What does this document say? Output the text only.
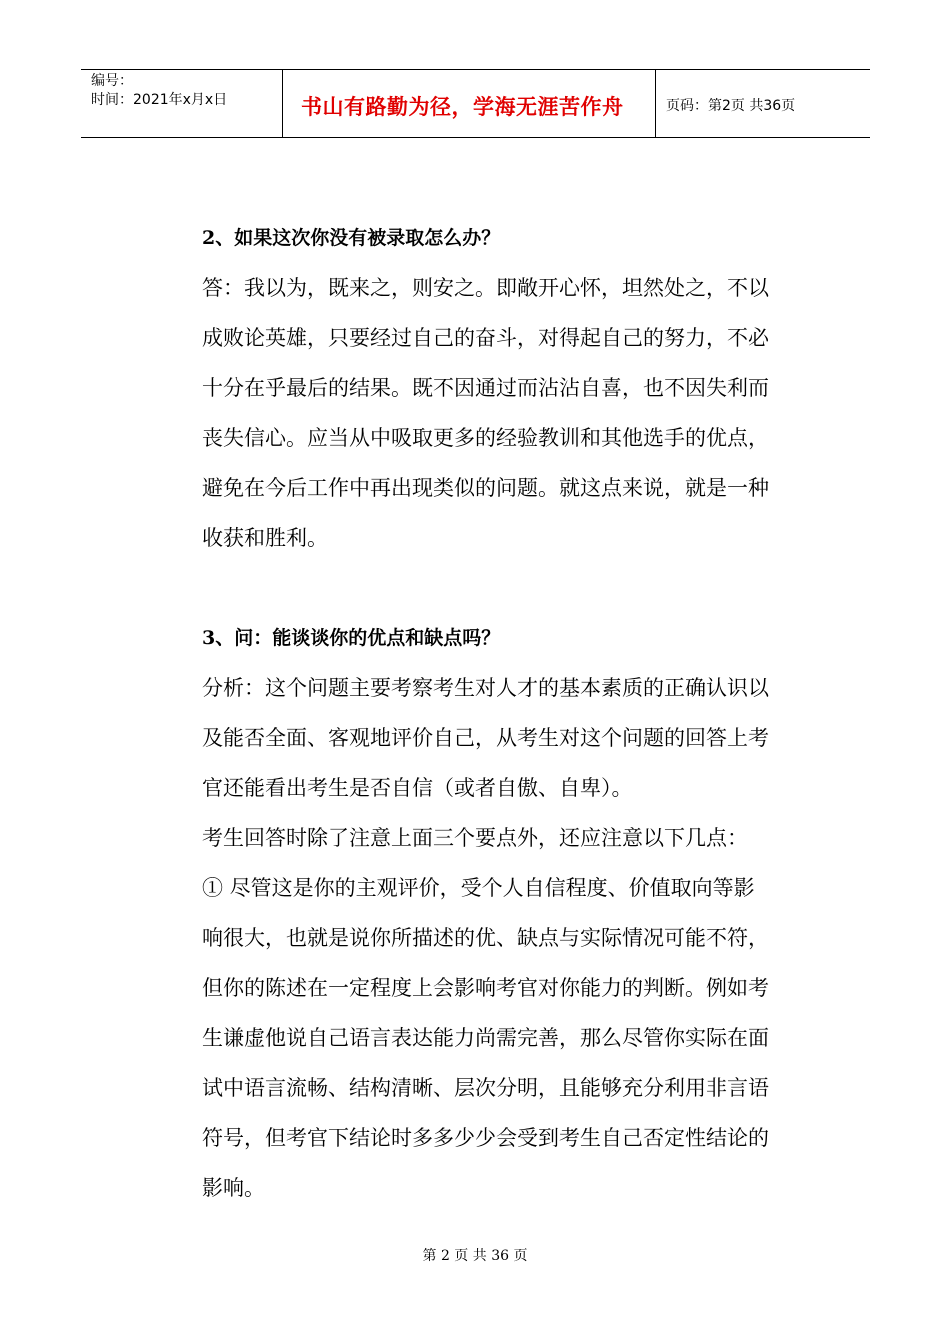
编号：
时间：2021年x月x日	书山有路勤为径，学海无涯苦作舟	页码：第2页 共36页
2、如果这次你没有被录取怎么办？
答：我以为，既来之，则安之。即敞开心怀，坦然处之，不以
成败论英雄，只要经过自己的奋斗，对得起自己的努力，不必
十分在乎最后的结果。既不因通过而沾沾自喜，也不因失利而
丧失信心。应当从中吸取更多的经验教训和其他选手的优点，
避免在今后工作中再出现类似的问题。就这点来说，就是一种
收获和胜利。
3、问：能谈谈你的优点和缺点吗？
分析：这个问题主要考察考生对人才的基本素质的正确认识以
及能否全面、客观地评价自己，从考生对这个问题的回答上考
官还能看出考生是否自信（或者自傲、自卑）。
考生回答时除了注意上面三个要点外，还应注意以下几点：
① 尽管这是你的主观评价，受个人自信程度、价值取向等影
响很大，也就是说你所描述的优、缺点与实际情况可能不符，
但你的陈述在一定程度上会影响考官对你能力的判断。例如考
生谦虚他说自己语言表达能力尚需完善，那么尽管你实际在面
试中语言流畅、结构清晰、层次分明，且能够充分利用非言语
符号，但考官下结论时多多少少会受到考生自己否定性结论的
影响。
第 2 页 共 36 页
